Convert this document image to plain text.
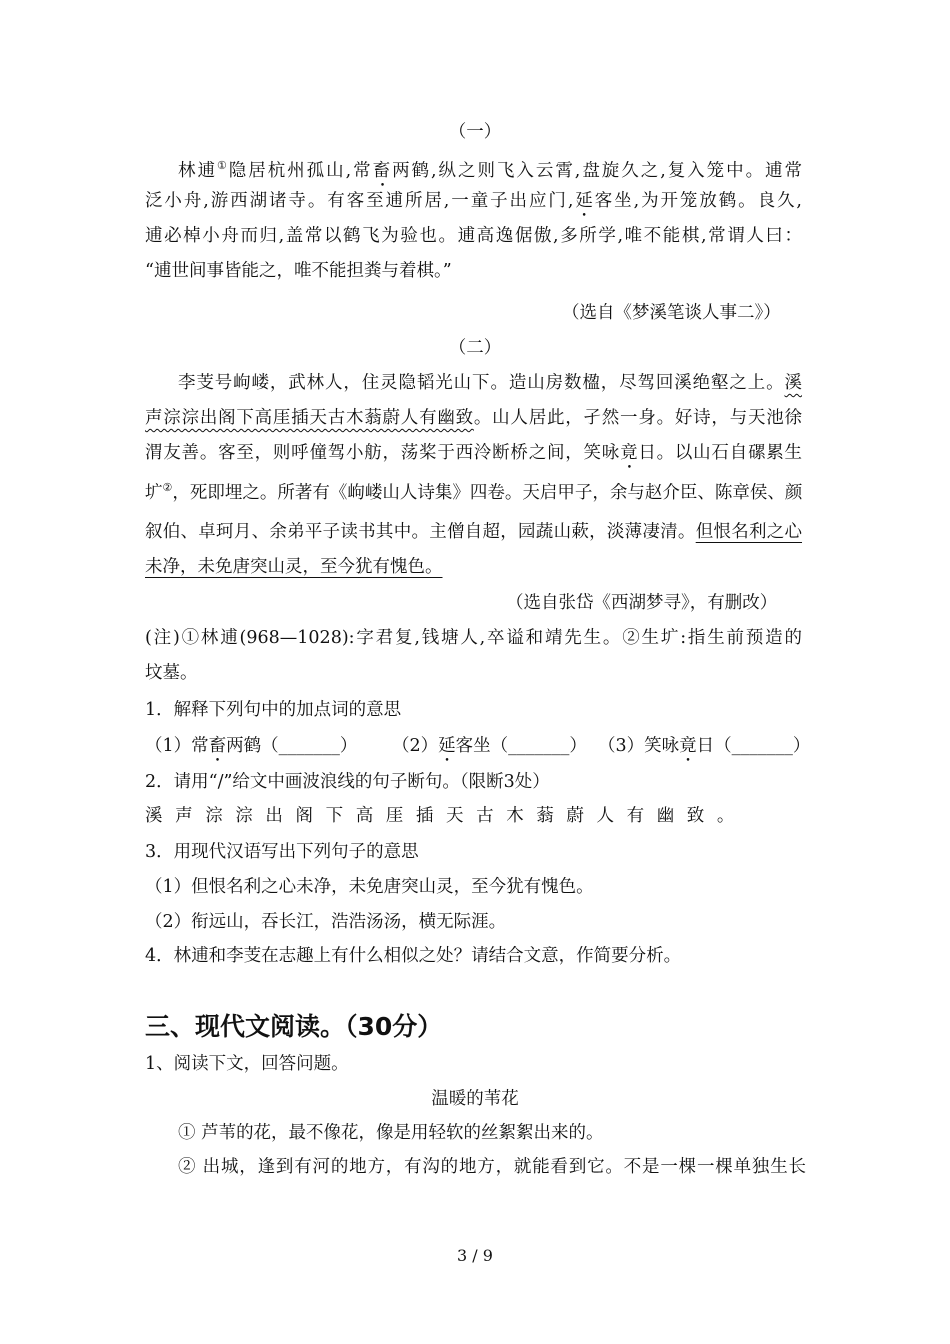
（一）
林逋①隐居杭州孤山,常畜两鹤,纵之则飞入云霄,盘旋久之,复入笼中。逋常
泛小舟,游西湖诸寺。有客至逋所居,一童子出应门,延客坐,为开笼放鹤。良久,
逋必棹小舟而归,盖常以鹤飞为验也。逋高逸倨傲,多所学,唯不能棋,常谓人曰：
“逋世间事皆能之，唯不能担粪与着棋。”
（选自《梦溪笔谈人事二》）
（二）
李芰号岣嵝，武林人，住灵隐韬光山下。造山房数楹，尽驾回溪绝壑之上。溪
声淙淙出阁下高厓插天古木蓊蔚人有幽致。山人居此，孑然一身。好诗，与天池徐
渭友善。客至，则呼僮驾小舫，荡桨于西泠断桥之间，笑咏竟日。以山石自磥累生
圹②，死即埋之。所著有《岣嵝山人诗集》四卷。天启甲子，余与赵介臣、陈章侯、颜
叙伯、卓珂月、余弟平子读书其中。主僧自超，园蔬山蔌，淡薄凄清。但恨名利之心
未净，未免唐突山灵，至今犹有愧色。
（选自张岱《西湖梦寻》，有删改）
(注)①林逋(968—1028):字君复,钱塘人,卒谥和靖先生。②生圹:指生前预造的
坟墓。
1．解释下列句中的加点词的意思
（1）常畜两鹤（_______） （2）延客坐（_______） （3）笑咏竟日（_______）
2．请用“/”给文中画波浪线的句子断句。（限断3处）
溪声淙淙出阁下高厓插天古木蓊蔚人有幽致。
3．用现代汉语写出下列句子的意思
（1）但恨名利之心未净，未免唐突山灵，至今犹有愧色。
（2）衔远山，吞长江，浩浩汤汤，横无际涯。
4．林逋和李芰在志趣上有什么相似之处？请结合文意，作简要分析。
三、现代文阅读。（30分）
1、阅读下文，回答问题。
温暖的苇花
① 芦苇的花，最不像花，像是用轻软的丝絮絮出来的。
② 出城，逢到有河的地方，有沟的地方，就能看到它。不是一棵一棵单独生长
3 / 9
